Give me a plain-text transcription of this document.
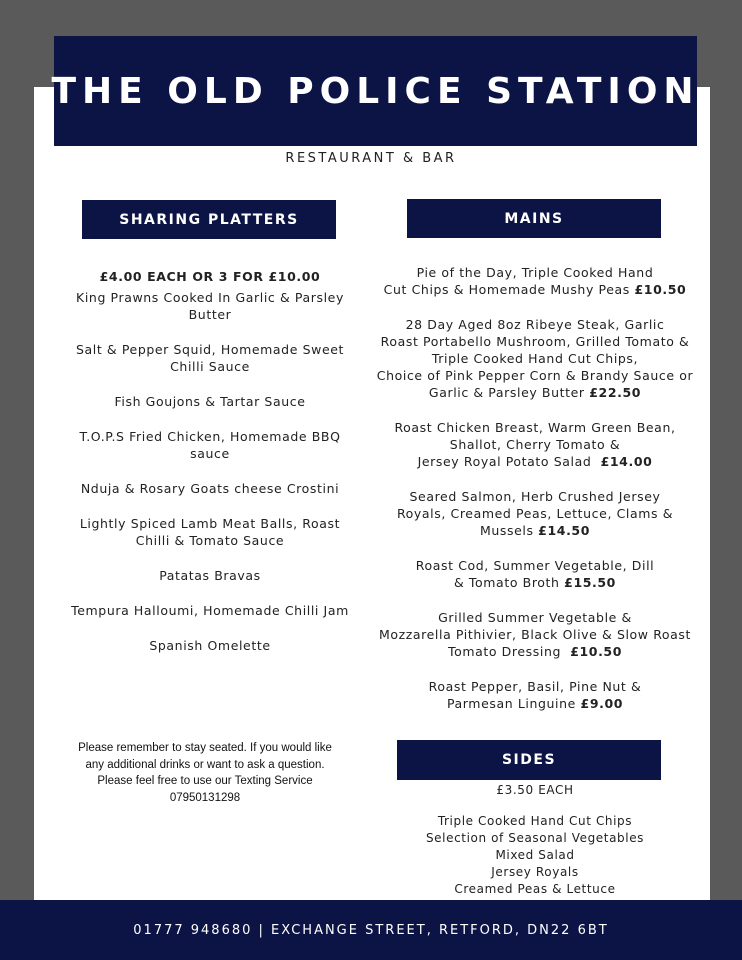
THE OLD POLICE STATION
RESTAURANT & BAR
SHARING PLATTERS
£4.00 EACH OR 3 FOR £10.00
King Prawns Cooked In Garlic & Parsley Butter
Salt & Pepper Squid, Homemade Sweet Chilli Sauce
Fish Goujons & Tartar Sauce
T.O.P.S Fried Chicken, Homemade BBQ sauce
Nduja & Rosary Goats cheese Crostini
Lightly Spiced Lamb Meat Balls, Roast Chilli & Tomato Sauce
Patatas Bravas
Tempura Halloumi, Homemade Chilli Jam
Spanish Omelette
Please remember to stay seated. If you would like any additional drinks or want to ask a question. Please feel free to use our Texting Service 07950131298
MAINS
Pie of the Day, Triple Cooked Hand
Cut Chips & Homemade Mushy Peas £10.50
28 Day Aged 8oz Ribeye Steak, Garlic
Roast Portabello Mushroom, Grilled Tomato &
Triple Cooked Hand Cut Chips,
Choice of Pink Pepper Corn & Brandy Sauce or
Garlic & Parsley Butter £22.50
Roast Chicken Breast, Warm Green Bean,
Shallot, Cherry Tomato &
Jersey Royal Potato Salad £14.00
Seared Salmon, Herb Crushed Jersey
Royals, Creamed Peas, Lettuce, Clams &
Mussels £14.50
Roast Cod, Summer Vegetable, Dill
& Tomato Broth £15.50
Grilled Summer Vegetable &
Mozzarella Pithivier, Black Olive & Slow Roast
Tomato Dressing £10.50
Roast Pepper, Basil, Pine Nut &
Parmesan Linguine £9.00
SIDES
£3.50 EACH
Triple Cooked Hand Cut Chips
Selection of Seasonal Vegetables
Mixed Salad
Jersey Royals
Creamed Peas & Lettuce
01777 948680 | EXCHANGE STREET, RETFORD, DN22 6BT
